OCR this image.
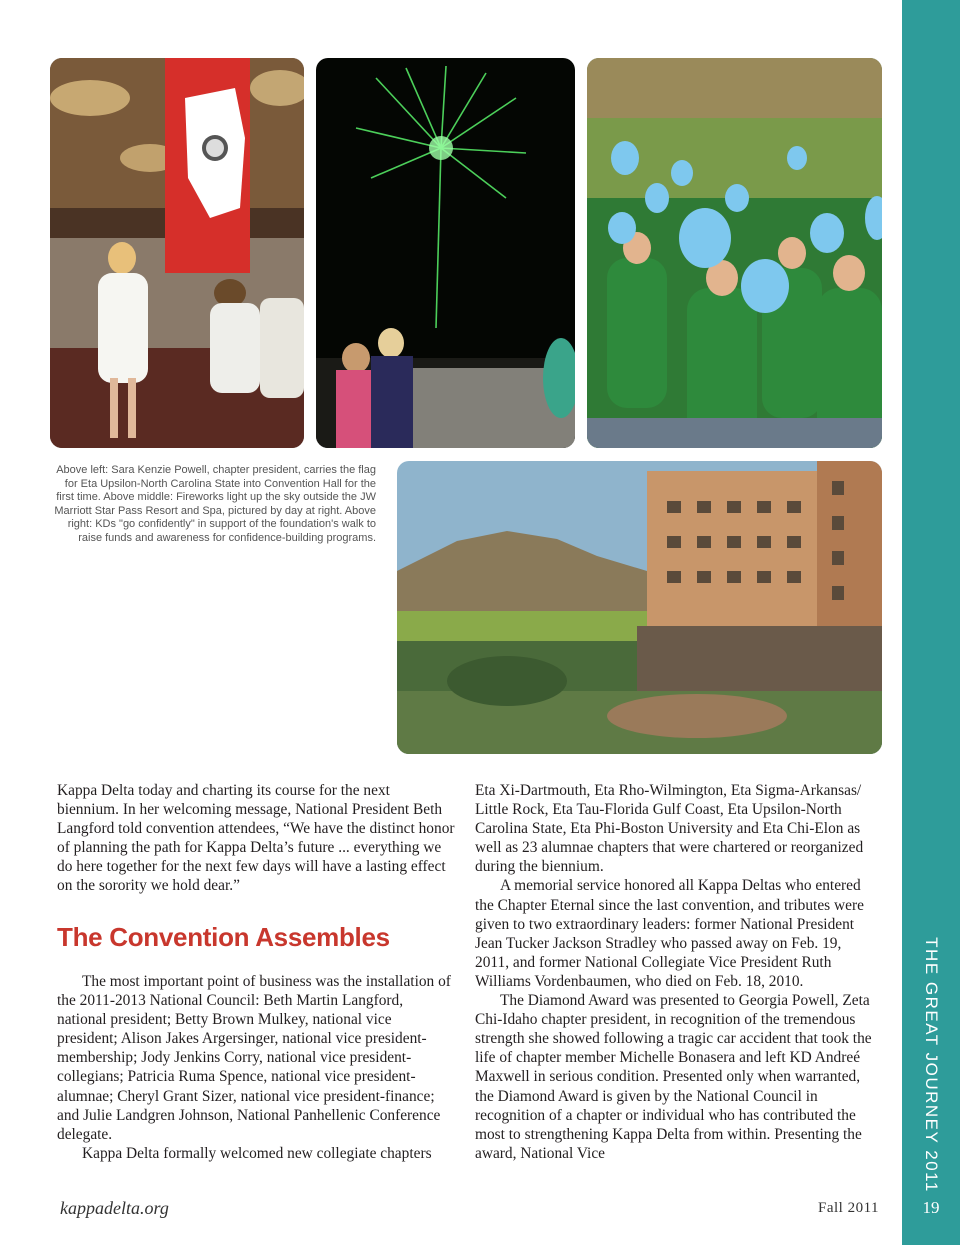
THE GREAT JOURNEY 2011
19
Above left: Sara Kenzie Powell, chapter president, carries the flag for Eta Upsilon-North Carolina State into Convention Hall for the first time. Above middle: Fireworks light up the sky outside the JW Marriott Star Pass Resort and Spa, pictured by day at right. Above right: KDs "go confidently" in support of the foundation's walk to raise funds and awareness for confidence-building programs.

Kappa Delta today and charting its course for the next biennium. In her welcoming message, National President Beth Langford told convention attendees, “We have the distinct honor of planning the path for Kappa Delta’s future ... everything we do here together for the next few days will have a lasting effect on the sorority we hold dear.”

The Convention Assembles

The most important point of business was the installation of the 2011-2013 National Council: Beth Martin Langford, national president; Betty Brown Mulkey, national vice president; Alison Jakes Argersinger, national vice president-membership; Jody Jenkins Corry, national vice president-collegians; Patricia Ruma Spence, national vice president-alumnae; Cheryl Grant Sizer, national vice president-finance; and Julie Landgren Johnson, National Panhellenic Conference delegate.

Kappa Delta formally welcomed new collegiate chapters

Eta Xi-Dartmouth, Eta Rho-Wilmington, Eta Sigma-Arkansas/ Little Rock, Eta Tau-Florida Gulf Coast, Eta Upsilon-North Carolina State, Eta Phi-Boston University and Eta Chi-Elon as well as 23 alumnae chapters that were chartered or reorganized during the biennium.

A memorial service honored all Kappa Deltas who entered the Chapter Eternal since the last convention, and tributes were given to two extraordinary leaders: former National President Jean Tucker Jackson Stradley who passed away on Feb. 19, 2011, and former National Collegiate Vice President Ruth Williams Vordenbaumen, who died on Feb. 18, 2010.

The Diamond Award was presented to Georgia Powell, Zeta Chi-Idaho chapter president, in recognition of the tremendous strength she showed following a tragic car accident that took the life of chapter member Michelle Bonasera and left KD Andreé Maxwell in serious condition. Presented only when warranted, the Diamond Award is given by the National Council in recognition of a chapter or individual who has contributed the most to strengthening Kappa Delta from within. Presenting the award, National Vice

kappadelta.org	Fall 2011
